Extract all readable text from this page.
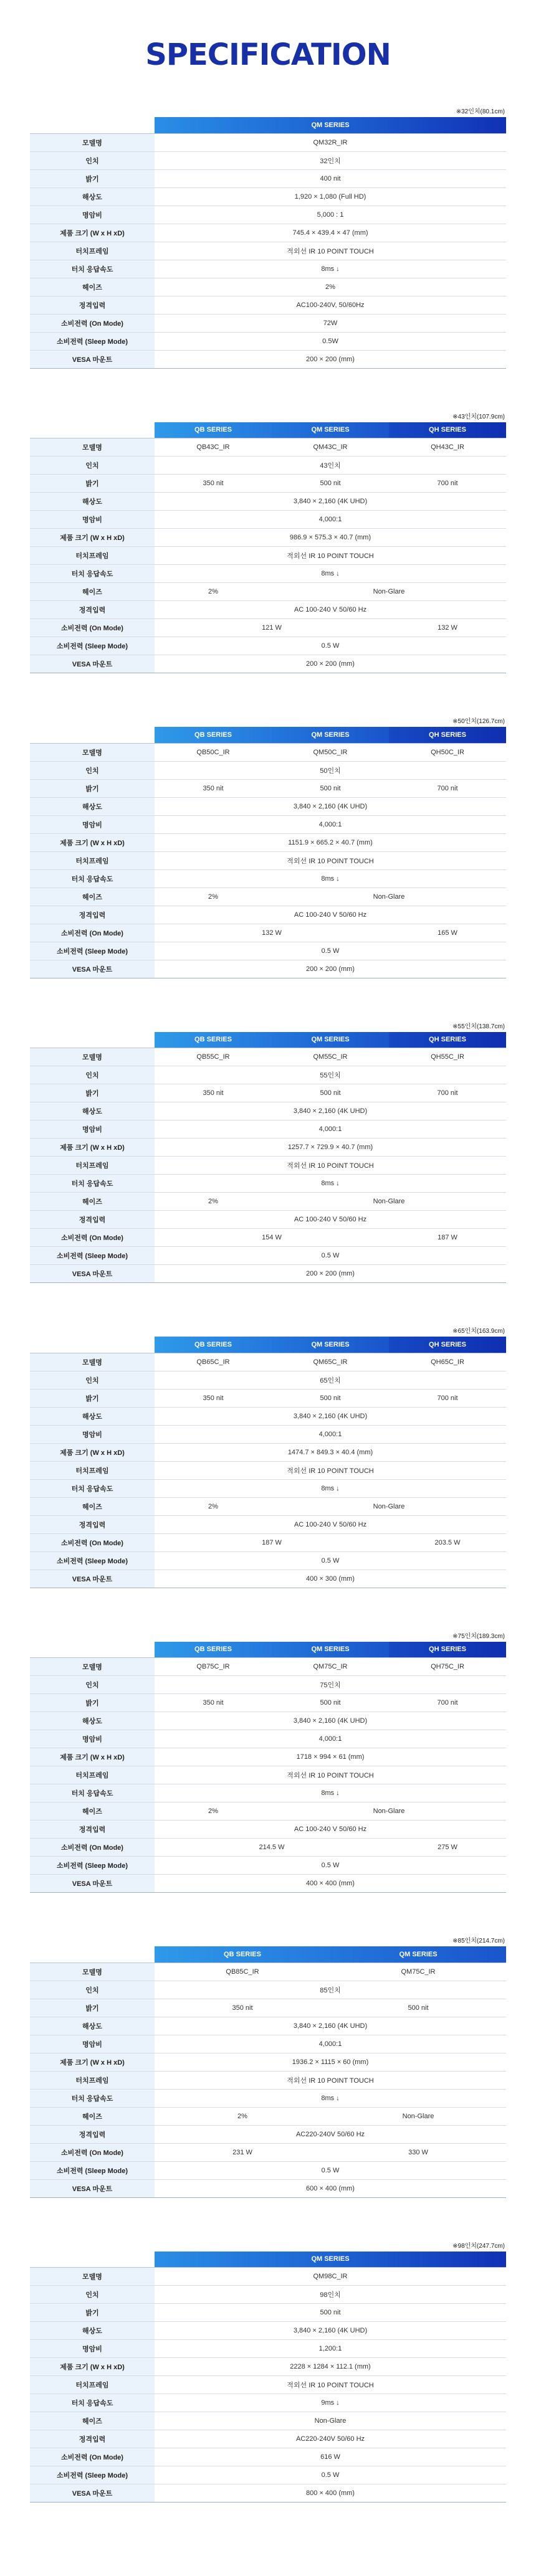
SPECIFICATION
※32인치(80.1cm)
	QM SERIES
모델명	QM32R_IR
인치	32인치
밝기	400 nit
해상도	1,920 × 1,080 (Full HD)
명암비	5,000 : 1
제품 크기 (W x H xD)	745.4 × 439.4 × 47 (mm)
터치프레임	적외선 IR 10 POINT TOUCH
터치 응답속도	8ms ↓
헤이즈	2%
정격입력	AC100-240V, 50/60Hz
소비전력 (On Mode)	72W
소비전력 (Sleep Mode)	0.5W
VESA 마운트	200 × 200 (mm)
※43인치(107.9cm)
	QB SERIES	QM SERIES	QH SERIES
모델명	QB43C_IR	QM43C_IR	QH43C_IR
인치	43인치		
밝기	350 nit	500 nit	700 nit
해상도	3,840 × 2,160 (4K UHD)		
명암비	4,000:1		
제품 크기 (W x H xD)	986.9 × 575.3 × 40.7 (mm)		
터치프레임	적외선 IR 10 POINT TOUCH		
터치 응답속도	8ms ↓		
헤이즈	2%	Non-Glare	
정격입력	AC 100-240 V 50/60 Hz		
소비전력 (On Mode)	121 W		132 W
소비전력 (Sleep Mode)	0.5 W		
VESA 마운트	200 × 200 (mm)		
※50인치(126.7cm)
	QB SERIES	QM SERIES	QH SERIES
모델명	QB50C_IR	QM50C_IR	QH50C_IR
인치	50인치		
밝기	350 nit	500 nit	700 nit
해상도	3,840 × 2,160 (4K UHD)		
명암비	4,000:1		
제품 크기 (W x H xD)	1151.9 × 665.2 × 40.7 (mm)		
터치프레임	적외선 IR 10 POINT TOUCH		
터치 응답속도	8ms ↓		
헤이즈	2%	Non-Glare	
정격입력	AC 100-240 V 50/60 Hz		
소비전력 (On Mode)	132 W		165 W
소비전력 (Sleep Mode)	0.5 W		
VESA 마운트	200 × 200 (mm)		
※55인치(138.7cm)
	QB SERIES	QM SERIES	QH SERIES
모델명	QB55C_IR	QM55C_IR	QH55C_IR
인치	55인치		
밝기	350 nit	500 nit	700 nit
해상도	3,840 × 2,160 (4K UHD)		
명암비	4,000:1		
제품 크기 (W x H xD)	1257.7 × 729.9 × 40.7 (mm)		
터치프레임	적외선 IR 10 POINT TOUCH		
터치 응답속도	8ms ↓		
헤이즈	2%	Non-Glare	
정격입력	AC 100-240 V 50/60 Hz		
소비전력 (On Mode)	154 W		187 W
소비전력 (Sleep Mode)	0.5 W		
VESA 마운트	200 × 200 (mm)		
※65인치(163.9cm)
	QB SERIES	QM SERIES	QH SERIES
모델명	QB65C_IR	QM65C_IR	QH65C_IR
인치	65인치		
밝기	350 nit	500 nit	700 nit
해상도	3,840 × 2,160 (4K UHD)		
명암비	4,000:1		
제품 크기 (W x H xD)	1474.7 × 849.3 × 40.4 (mm)		
터치프레임	적외선 IR 10 POINT TOUCH		
터치 응답속도	8ms ↓		
헤이즈	2%	Non-Glare	
정격입력	AC 100-240 V 50/60 Hz		
소비전력 (On Mode)	187 W		203.5 W
소비전력 (Sleep Mode)	0.5 W		
VESA 마운트	400 × 300 (mm)		
※75인치(189.3cm)
	QB SERIES	QM SERIES	QH SERIES
모델명	QB75C_IR	QM75C_IR	QH75C_IR
인치	75인치		
밝기	350 nit	500 nit	700 nit
해상도	3,840 × 2,160 (4K UHD)		
명암비	4,000:1		
제품 크기 (W x H xD)	1718 × 994 × 61 (mm)		
터치프레임	적외선 IR 10 POINT TOUCH		
터치 응답속도	8ms ↓		
헤이즈	2%	Non-Glare	
정격입력	AC 100-240 V 50/60 Hz		
소비전력 (On Mode)	214.5 W		275 W
소비전력 (Sleep Mode)	0.5 W		
VESA 마운트	400 × 400 (mm)		
※85인치(214.7cm)
	QB SERIES	QM SERIES
모델명	QB85C_IR	QM75C_IR
인치	85인치	
밝기	350 nit	500 nit
해상도	3,840 × 2,160 (4K UHD)	
명암비	4,000:1	
제품 크기 (W x H xD)	1936.2 × 1115 × 60 (mm)	
터치프레임	적외선 IR 10 POINT TOUCH	
터치 응답속도	8ms ↓	
헤이즈	2%	Non-Glare
정격입력	AC220-240V 50/60 Hz	
소비전력 (On Mode)	231 W	330 W
소비전력 (Sleep Mode)	0.5 W	
VESA 마운트	600 × 400 (mm)	
※98인치(247.7cm)
	QM SERIES
모델명	QM98C_IR
인치	98인치
밝기	500 nit
해상도	3,840 × 2,160 (4K UHD)
명암비	1,200:1
제품 크기 (W x H xD)	2228 × 1284 × 112.1 (mm)
터치프레임	적외선 IR 10 POINT TOUCH
터치 응답속도	9ms ↓
헤이즈	Non-Glare
정격입력	AC220-240V 50/60 Hz
소비전력 (On Mode)	616 W
소비전력 (Sleep Mode)	0.5 W
VESA 마운트	800 × 400 (mm)
